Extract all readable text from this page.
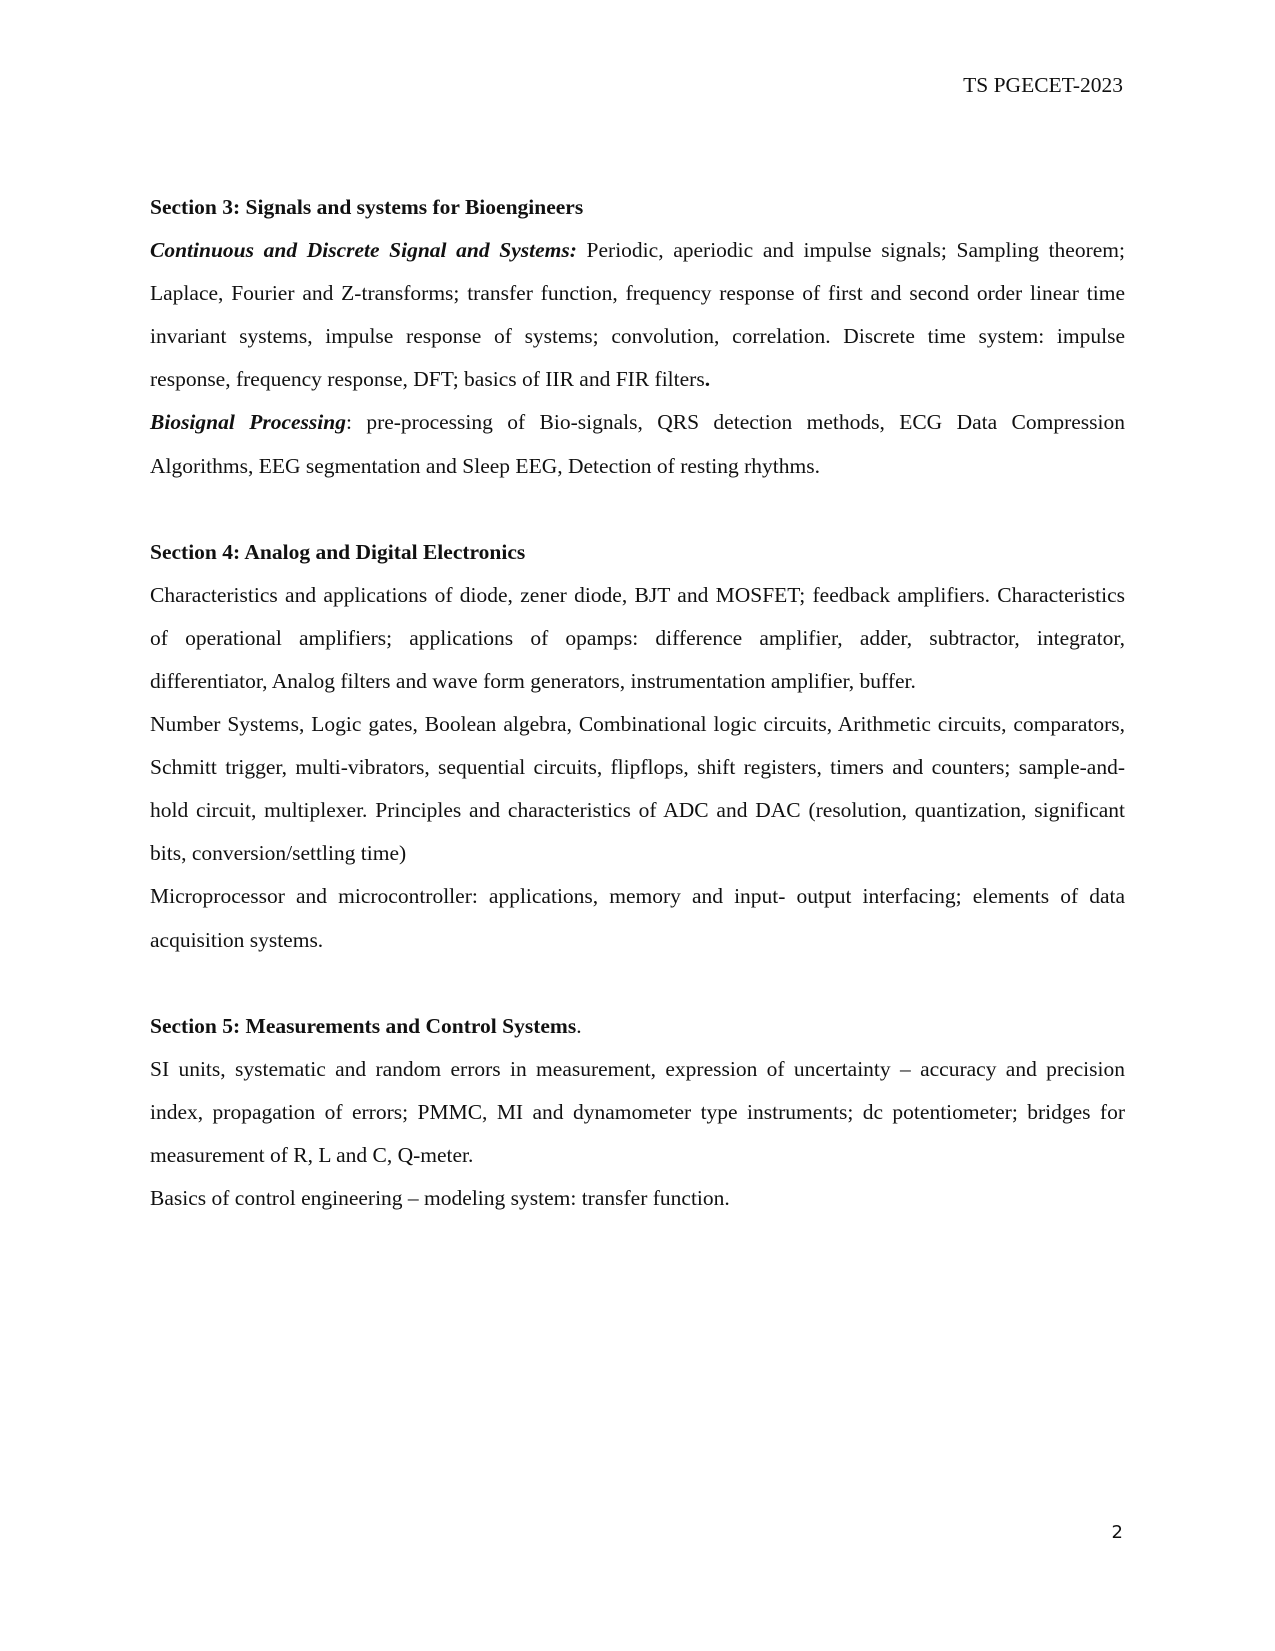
TS PGECET-2023
Section 3: Signals and systems for Bioengineers

Continuous and Discrete Signal and Systems: Periodic, aperiodic and impulse signals; Sampling theorem; Laplace, Fourier and Z-transforms; transfer function, frequency response of first and second order linear time invariant systems, impulse response of systems; convolution, correlation. Discrete time system: impulse response, frequency response, DFT; basics of IIR and FIR filters.

Biosignal Processing: pre-processing of Bio-signals, QRS detection methods, ECG Data Compression Algorithms, EEG segmentation and Sleep EEG, Detection of resting rhythms.

Section 4: Analog and Digital Electronics

Characteristics and applications of diode, zener diode, BJT and MOSFET; feedback amplifiers. Characteristics of operational amplifiers; applications of opamps: difference amplifier, adder, subtractor, integrator, differentiator, Analog filters and wave form generators, instrumentation amplifier, buffer.

Number Systems, Logic gates, Boolean algebra, Combinational logic circuits, Arithmetic circuits, comparators, Schmitt trigger, multi-vibrators, sequential circuits, flipflops, shift registers, timers and counters; sample-and-hold circuit, multiplexer. Principles and characteristics of ADC and DAC (resolution, quantization, significant bits, conversion/settling time)

Microprocessor and microcontroller: applications, memory and input- output interfacing; elements of data acquisition systems.

Section 5: Measurements and Control Systems.

SI units, systematic and random errors in measurement, expression of uncertainty – accuracy and precision index, propagation of errors; PMMC, MI and dynamometer type instruments; dc potentiometer; bridges for measurement of R, L and C, Q-meter.

Basics of control engineering – modeling system: transfer function.

2
